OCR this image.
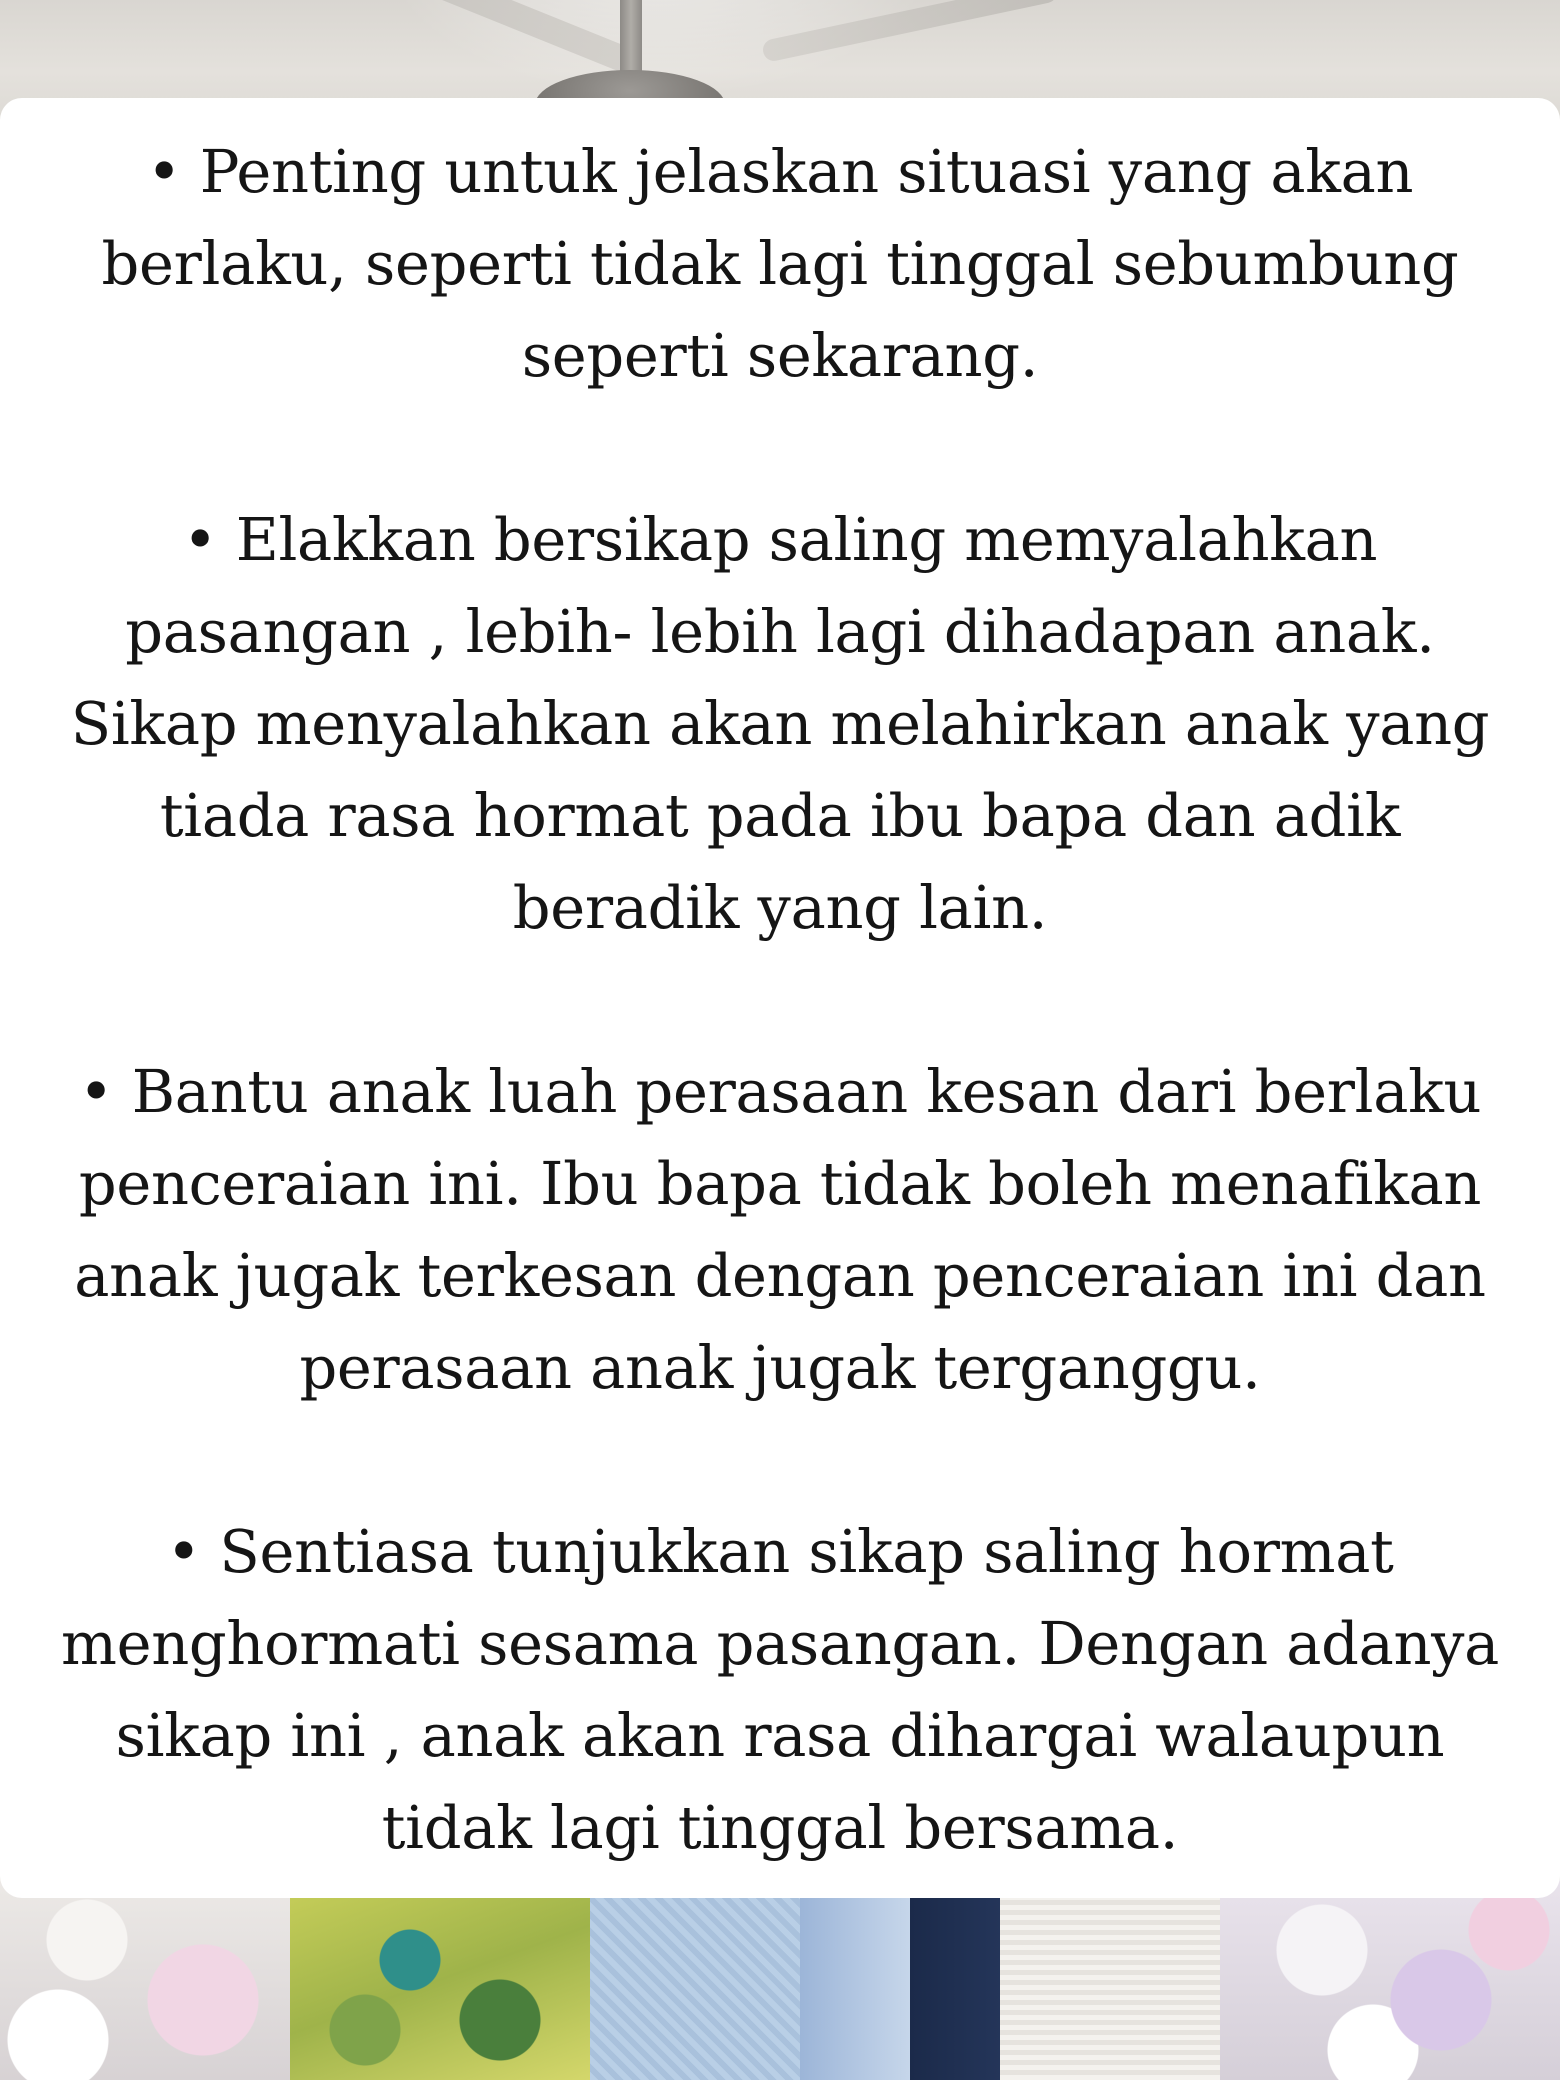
• Penting untuk jelaskan situasi yang akan
berlaku, seperti tidak lagi tinggal sebumbung
seperti sekarang.

• Elakkan bersikap saling memyalahkan
pasangan , lebih- lebih lagi dihadapan anak.
Sikap menyalahkan akan melahirkan anak yang
tiada rasa hormat pada ibu bapa dan adik
beradik yang lain.

• Bantu anak luah perasaan kesan dari berlaku
penceraian ini. Ibu bapa tidak boleh menafikan
anak jugak terkesan dengan penceraian ini dan
perasaan anak jugak terganggu.

• Sentiasa tunjukkan sikap saling hormat
menghormati sesama pasangan. Dengan adanya
sikap ini , anak akan rasa dihargai walaupun
tidak lagi tinggal bersama.
